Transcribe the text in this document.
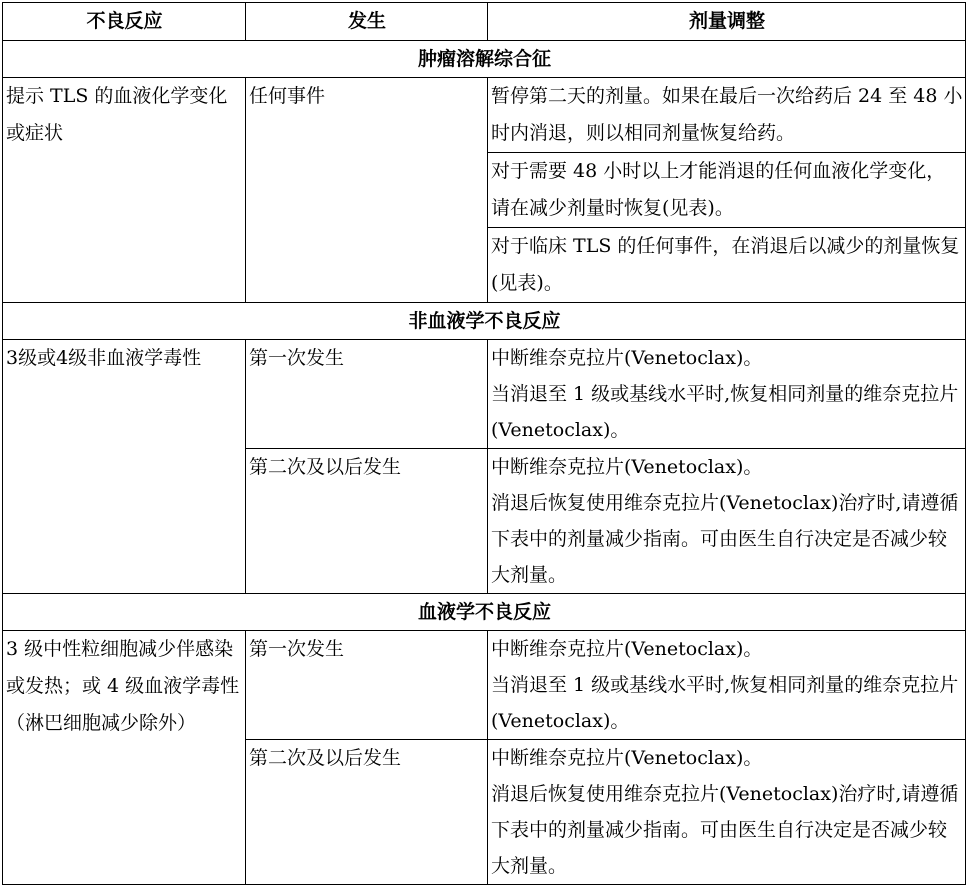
不良反应	发生	剂量调整
肿瘤溶解综合征		
提示 TLS 的血液化学变化或症状	任何事件	暂停第二天的剂量。如果在最后一次给药后 24 至 48 小时内消退，则以相同剂量恢复给药。
		对于需要 48 小时以上才能消退的任何血液化学变化，请在减少剂量时恢复(见表)。
		对于临床 TLS 的任何事件，在消退后以减少的剂量恢复(见表)。
非血液学不良反应		
3级或4级非血液学毒性	第一次发生	中断维奈克拉片(Venetoclax)。
当消退至 1 级或基线水平时,恢复相同剂量的维奈克拉片(Venetoclax)。

	第二次及以后发生	中断维奈克拉片(Venetoclax)。
消退后恢复使用维奈克拉片(Venetoclax)治疗时,请遵循下表中的剂量减少指南。可由医生自行决定是否减少较大剂量。

血液学不良反应		
3 级中性粒细胞减少伴感染或发热；或 4 级血液学毒性（淋巴细胞减少除外）	第一次发生	中断维奈克拉片(Venetoclax)。
当消退至 1 级或基线水平时,恢复相同剂量的维奈克拉片(Venetoclax)。

	第二次及以后发生	中断维奈克拉片(Venetoclax)。
消退后恢复使用维奈克拉片(Venetoclax)治疗时,请遵循下表中的剂量减少指南。可由医生自行决定是否减少较大剂量。
